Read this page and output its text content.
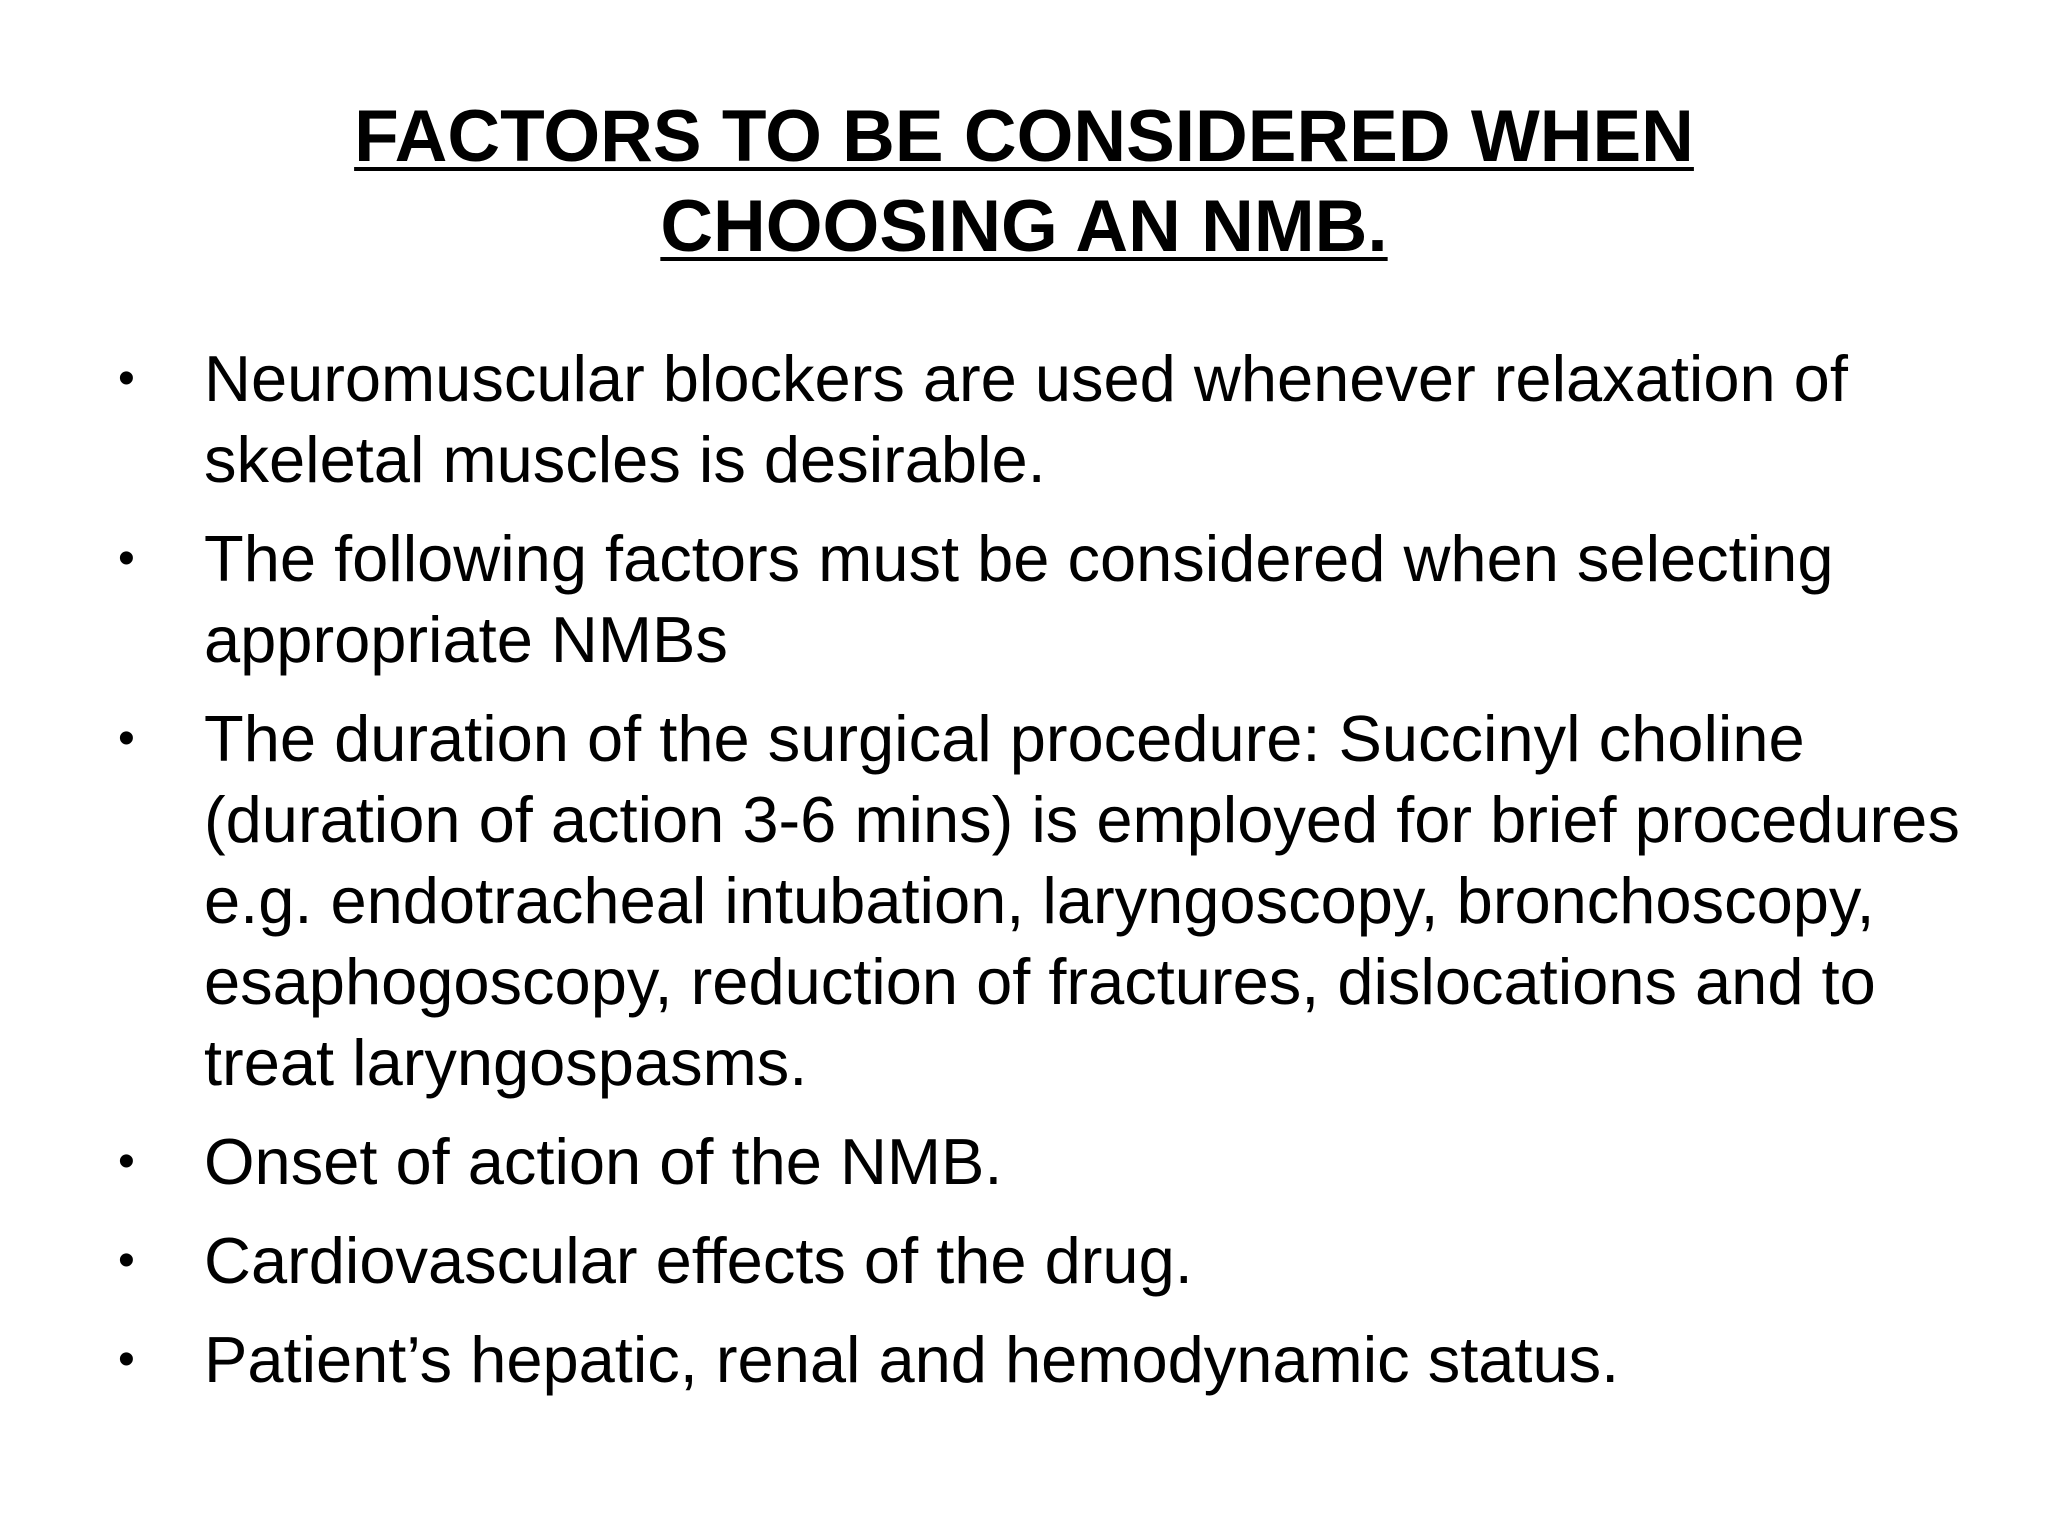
FACTORS TO BE CONSIDERED WHEN CHOOSING AN NMB.
•	Neuromuscular blockers are used whenever relaxation of skeletal muscles is desirable.
•	The following factors must be considered when selecting appropriate NMBs
•	The duration of the surgical procedure: Succinyl choline (duration of action 3-6 mins) is employed for brief procedures e.g. endotracheal intubation, laryngoscopy, bronchoscopy, esaphogoscopy, reduction of fractures, dislocations and to treat laryngospasms.
•	Onset of action of the NMB.
•	Cardiovascular effects of the drug.
•	Patient’s hepatic, renal and hemodynamic status.
